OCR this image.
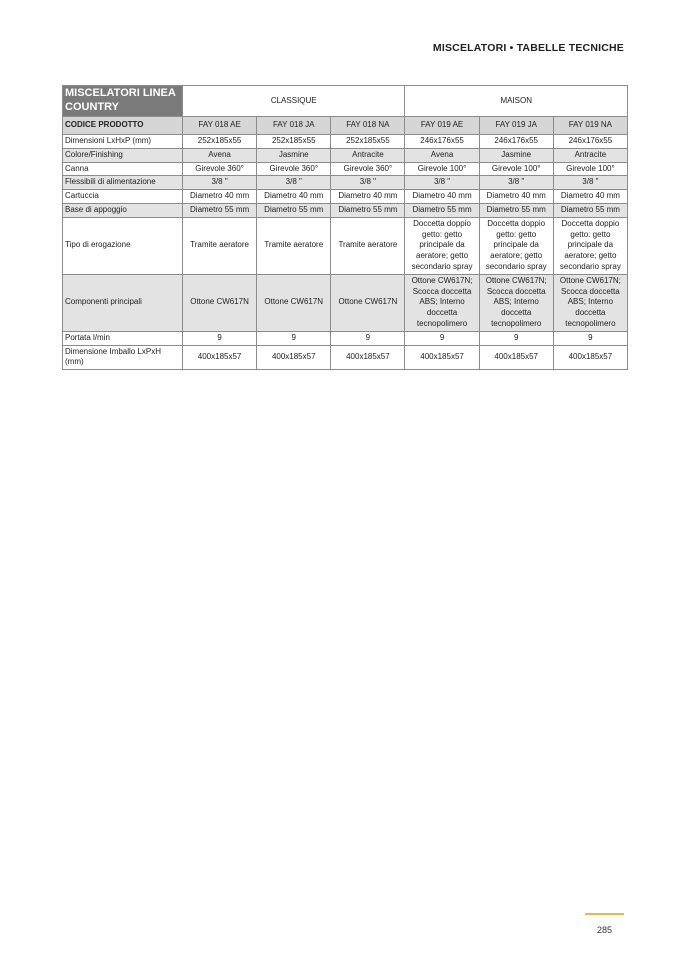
MISCELATORI • TABELLE TECNICHE
MISCELATORI LINEA COUNTRY	CLASSIQUE			MAISON		
CODICE PRODOTTO	FAY 018 AE	FAY 018 JA	FAY 018 NA	FAY 019 AE	FAY 019 JA	FAY 019 NA
Dimensioni LxHxP (mm)	252x185x55	252x185x55	252x185x55	246x176x55	246x176x55	246x176x55
Colore/Finishing	Avena	Jasmine	Antracite	Avena	Jasmine	Antracite
Canna	Girevole 360°	Girevole 360°	Girevole 360°	Girevole 100°	Girevole 100°	Girevole 100°
Flessibili di alimentazione	3/8 "	3/8 "	3/8 "	3/8 "	3/8 "	3/8 "
Cartuccia	Diametro 40 mm	Diametro 40 mm	Diametro 40 mm	Diametro 40 mm	Diametro 40 mm	Diametro 40 mm
Base di appoggio	Diametro 55 mm	Diametro 55 mm	Diametro 55 mm	Diametro 55 mm	Diametro 55 mm	Diametro 55 mm
Tipo di erogazione	Tramite aeratore	Tramite aeratore	Tramite aeratore	Doccetta doppio getto: getto principale da aeratore; getto secondario spray	Doccetta doppio getto: getto principale da aeratore; getto secondario spray	Doccetta doppio getto: getto principale da aeratore; getto secondario spray
Componenti principali	Ottone CW617N	Ottone CW617N	Ottone CW617N	Ottone CW617N; Scocca doccetta ABS; Interno doccetta tecnopolimero	Ottone CW617N; Scocca doccetta ABS; Interno doccetta tecnopolimero	Ottone CW617N; Scocca doccetta ABS; Interno doccetta tecnopolimero
Portata l/min	9	9	9	9	9	9
Dimensione Imballo LxPxH (mm)	400x185x57	400x185x57	400x185x57	400x185x57	400x185x57	400x185x57
285
